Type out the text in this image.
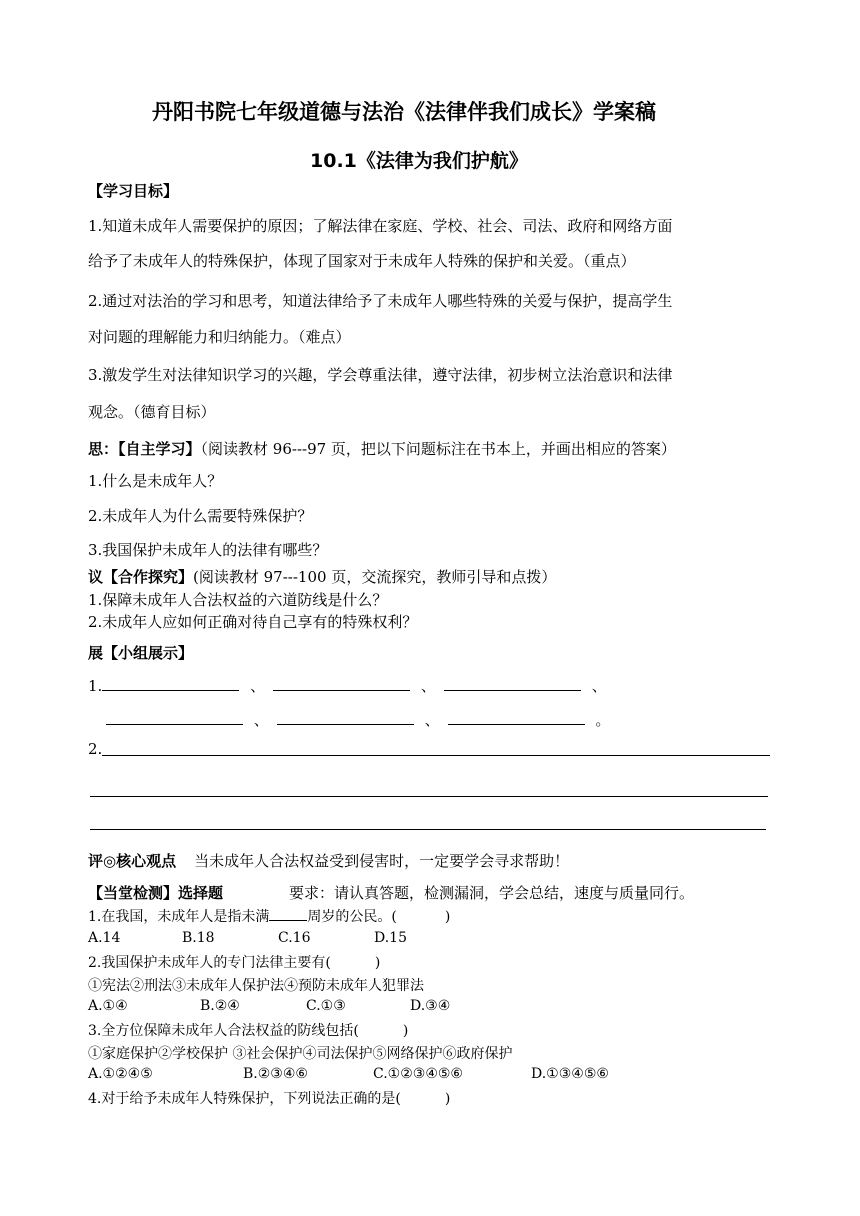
丹阳书院七年级道德与法治《法律伴我们成长》学案稿
10.1《法律为我们护航》
【学习目标】
1.知道未成年人需要保护的原因；了解法律在家庭、学校、社会、司法、政府和网络方面
给予了未成年人的特殊保护，体现了国家对于未成年人特殊的保护和关爱。（重点）
2.通过对法治的学习和思考，知道法律给予了未成年人哪些特殊的关爱与保护，提高学生
对问题的理解能力和归纳能力。（难点）
3.激发学生对法律知识学习的兴趣，学会尊重法律，遵守法律，初步树立法治意识和法律
观念。（德育目标）
思：【自主学习】（阅读教材 96---97 页，把以下问题标注在书本上，并画出相应的答案）
1.什么是未成年人？
2.未成年人为什么需要特殊保护？
3.我国保护未成年人的法律有哪些？
议【合作探究】(阅读教材 97---100 页，交流探究，教师引导和点拨）
1.保障未成年人合法权益的六道防线是什么？
2.未成年人应如何正确对待自己享有的特殊权利？
展【小组展示】
1.	、	、	、
、	、	。
2.
评◎核心观点 当未成年人合法权益受到侵害时，一定要学会寻求帮助！
【当堂检测】选择题	要求：请认真答题，检测漏洞，学会总结，速度与质量同行。
1.在我国，未成年人是指未满	周岁的公民。(	)
A.14	B.18	C.16	D.15
2.我国保护未成年人的专门法律主要有(	)
①宪法②刑法③未成年人保护法④预防未成年人犯罪法
A.①④	B.②④	C.①③	D.③④
3.全方位保障未成年人合法权益的防线包括(	)
①家庭保护②学校保护 ③社会保护④司法保护⑤网络保护⑥政府保护
A.①②④⑤	B.②③④⑥	C.①②③④⑤⑥	D.①③④⑤⑥
4.对于给予未成年人特殊保护，下列说法正确的是(	)
